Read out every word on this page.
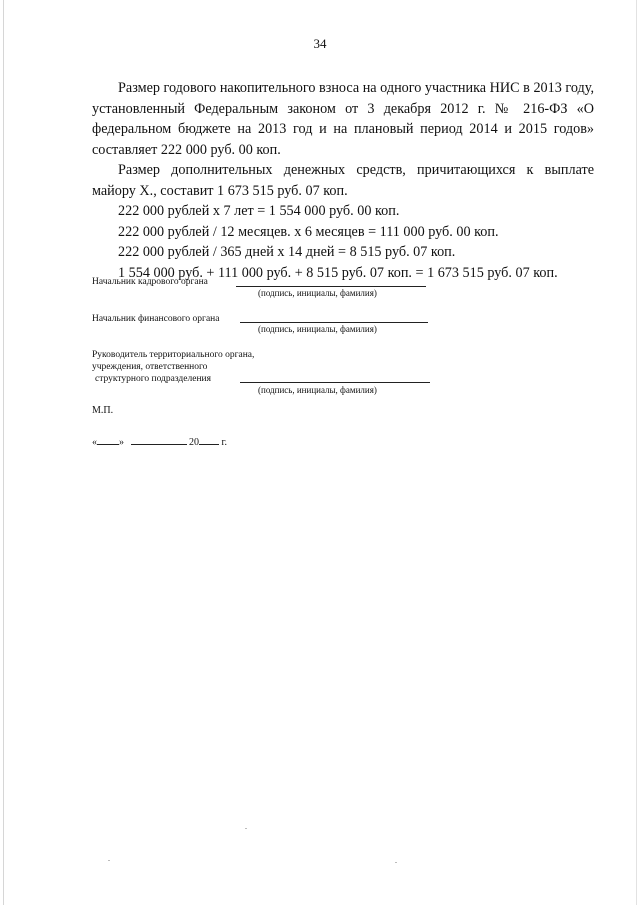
34

Размер годового накопительного взноса на одного участника НИС в 2013 году, установленный Федеральным законом от 3 декабря 2012 г. № 216-ФЗ «О федеральном бюджете на 2013 год и на плановый период 2014 и 2015 годов» составляет 222 000 руб. 00 коп.

Размер дополнительных денежных средств, причитающихся к выплате майору Х., составит 1 673 515 руб. 07 коп.

222 000 рублей х 7 лет = 1 554 000 руб. 00 коп.

222 000 рублей / 12 месяцев. х 6 месяцев = 111 000 руб. 00 коп.

222 000 рублей / 365 дней х 14 дней = 8 515 руб. 07 коп.

1 554 000 руб. + 111 000 руб. + 8 515 руб. 07 коп. = 1 673 515 руб. 07 коп.

Начальник кадрового органа
(подпись, инициалы, фамилия)
Начальник финансового органа
(подпись, инициалы, фамилия)
Руководитель территориального органа,
учреждения, ответственного
структурного подразделения
(подпись, инициалы, фамилия)
М.П.
« »	20 г.
